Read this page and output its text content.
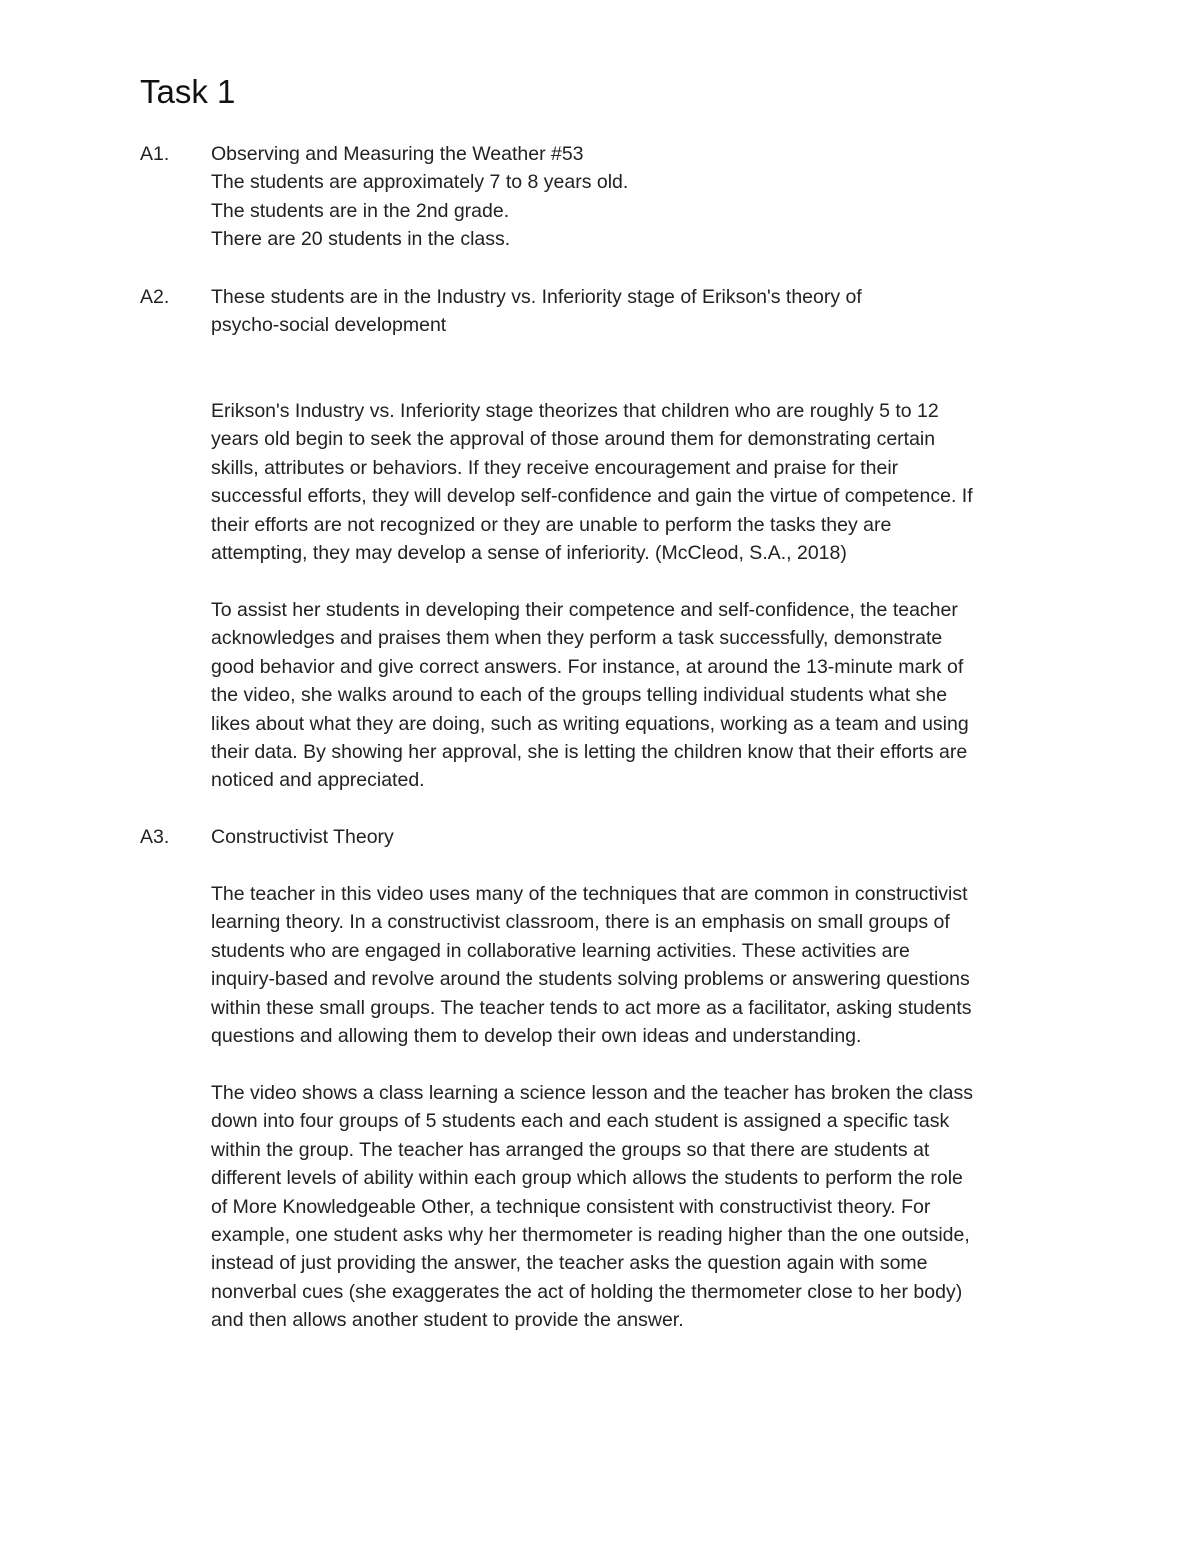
Task 1
A1. Observing and Measuring the Weather #53
The students are approximately 7 to 8 years old.
The students are in the 2nd grade.
There are 20 students in the class.
A2. These students are in the Industry vs. Inferiority stage of Erikson's theory of
psycho-social development
Erikson's Industry vs. Inferiority stage theorizes that children who are roughly 5 to 12
years old begin to seek the approval of those around them for demonstrating certain
skills, attributes or behaviors. If they receive encouragement and praise for their
successful efforts, they will develop self-confidence and gain the virtue of competence. If
their efforts are not recognized or they are unable to perform the tasks they are
attempting, they may develop a sense of inferiority. (McCleod, S.A., 2018)
To assist her students in developing their competence and self-confidence, the teacher
acknowledges and praises them when they perform a task successfully, demonstrate
good behavior and give correct answers. For instance, at around the 13-minute mark of
the video, she walks around to each of the groups telling individual students what she
likes about what they are doing, such as writing equations, working as a team and using
their data. By showing her approval, she is letting the children know that their efforts are
noticed and appreciated.
A3. Constructivist Theory
The teacher in this video uses many of the techniques that are common in constructivist
learning theory. In a constructivist classroom, there is an emphasis on small groups of
students who are engaged in collaborative learning activities. These activities are
inquiry-based and revolve around the students solving problems or answering questions
within these small groups. The teacher tends to act more as a facilitator, asking students
questions and allowing them to develop their own ideas and understanding.
The video shows a class learning a science lesson and the teacher has broken the class
down into four groups of 5 students each and each student is assigned a specific task
within the group. The teacher has arranged the groups so that there are students at
different levels of ability within each group which allows the students to perform the role
of More Knowledgeable Other, a technique consistent with constructivist theory. For
example, one student asks why her thermometer is reading higher than the one outside,
instead of just providing the answer, the teacher asks the question again with some
nonverbal cues (she exaggerates the act of holding the thermometer close to her body)
and then allows another student to provide the answer.
